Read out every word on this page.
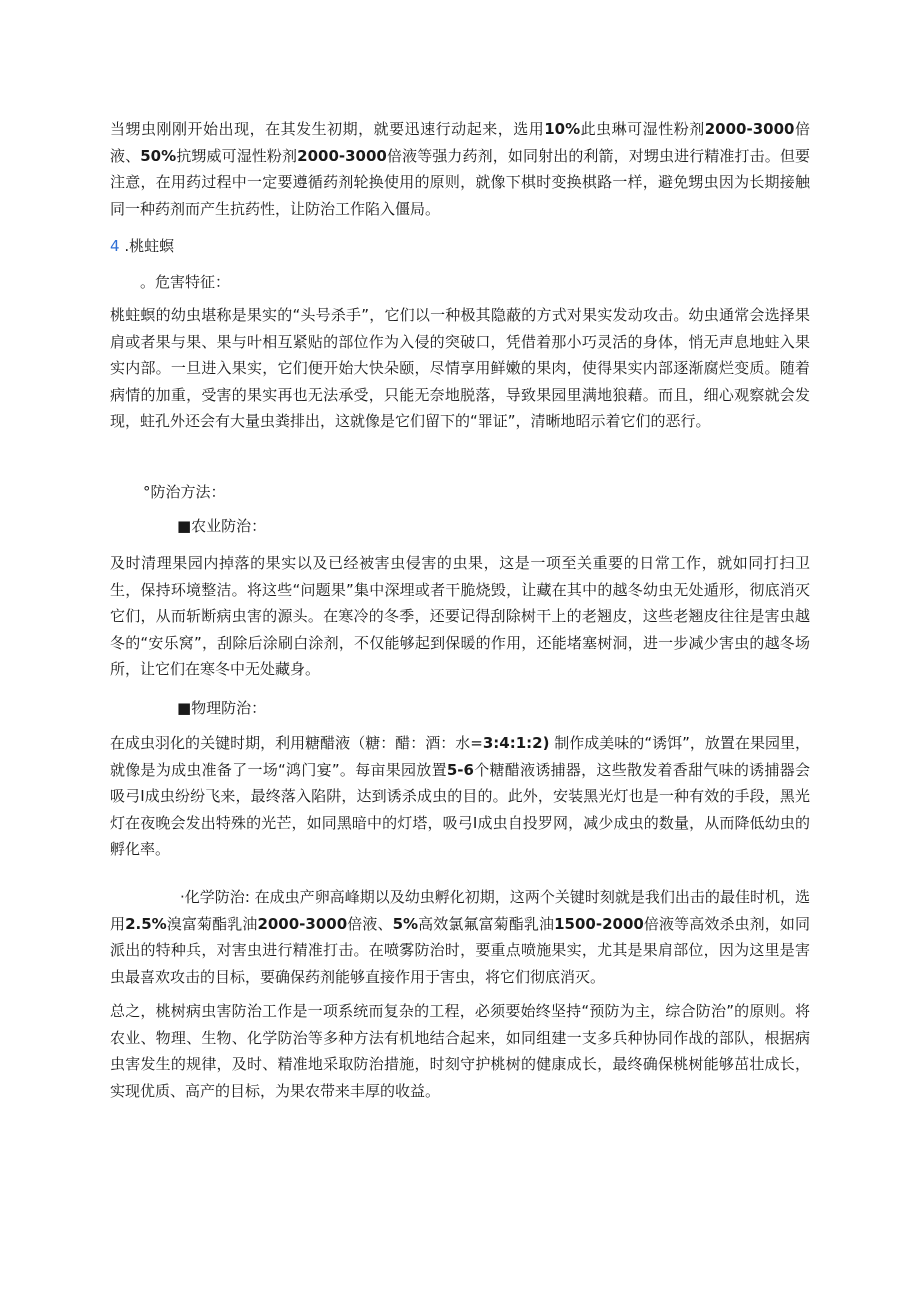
当甥虫刚刚开始出现，在其发生初期，就要迅速行动起来，选用10%此虫琳可湿性粉剂2000-3000倍液、50%抗甥威可湿性粉剂2000-3000倍液等强力药剂，如同射出的利箭，对甥虫进行精准打击。但要注意，在用药过程中一定要遵循药剂轮换使用的原则，就像下棋时变换棋路一样，避免甥虫因为长期接触同一种药剂而产生抗药性，让防治工作陷入僵局。

4 .桃蛀螟
。危害特征：

桃蛀螟的幼虫堪称是果实的“头号杀手”，它们以一种极其隐蔽的方式对果实发动攻击。幼虫通常会选择果肩或者果与果、果与叶相互紧贴的部位作为入侵的突破口，凭借着那小巧灵活的身体，悄无声息地蛀入果实内部。一旦进入果实，它们便开始大快朵颐，尽情享用鲜嫩的果肉，使得果实内部逐渐腐烂变质。随着病情的加重，受害的果实再也无法承受，只能无奈地脱落，导致果园里满地狼藉。而且，细心观察就会发现，蛀孔外还会有大量虫粪排出，这就像是它们留下的“罪证”，清晰地昭示着它们的恶行。

°防治方法：
■农业防治：

及时清理果园内掉落的果实以及已经被害虫侵害的虫果，这是一项至关重要的日常工作，就如同打扫卫生，保持环境整洁。将这些“问题果”集中深埋或者干脆烧毁，让藏在其中的越冬幼虫无处遁形，彻底消灭它们，从而斩断病虫害的源头。在寒冷的冬季，还要记得刮除树干上的老翘皮，这些老翘皮往往是害虫越冬的“安乐窝”，刮除后涂刷白涂剂，不仅能够起到保暖的作用，还能堵塞树洞，进一步减少害虫的越冬场所，让它们在寒冬中无处藏身。

■物理防治：

在成虫羽化的关键时期，利用糖醋液（糖：醋：酒：水=3:4:1:2) 制作成美味的“诱饵”，放置在果园里，就像是为成虫准备了一场“鸿门宴”。每亩果园放置5-6个糖醋液诱捕器，这些散发着香甜气味的诱捕器会吸弓I成虫纷纷飞来，最终落入陷阱，达到诱杀成虫的目的。此外，安装黑光灯也是一种有效的手段，黑光灯在夜晚会发出特殊的光芒，如同黑暗中的灯塔，吸弓I成虫自投罗网，减少成虫的数量，从而降低幼虫的孵化率。

·化学防治: 在成虫产卵高峰期以及幼虫孵化初期，这两个关键时刻就是我们出击的最佳时机，选用2.5%溴富菊酯乳油2000-3000倍液、5%高效氯氟富菊酯乳油1500-2000倍液等高效杀虫剂，如同派出的特种兵，对害虫进行精准打击。在喷雾防治时，要重点喷施果实，尤其是果肩部位，因为这里是害虫最喜欢攻击的目标，要确保药剂能够直接作用于害虫，将它们彻底消灭。

总之，桃树病虫害防治工作是一项系统而复杂的工程，必须要始终坚持“预防为主，综合防治”的原则。将农业、物理、生物、化学防治等多种方法有机地结合起来，如同组建一支多兵种协同作战的部队，根据病虫害发生的规律，及时、精准地采取防治措施，时刻守护桃树的健康成长，最终确保桃树能够茁壮成长，实现优质、高产的目标，为果农带来丰厚的收益。
